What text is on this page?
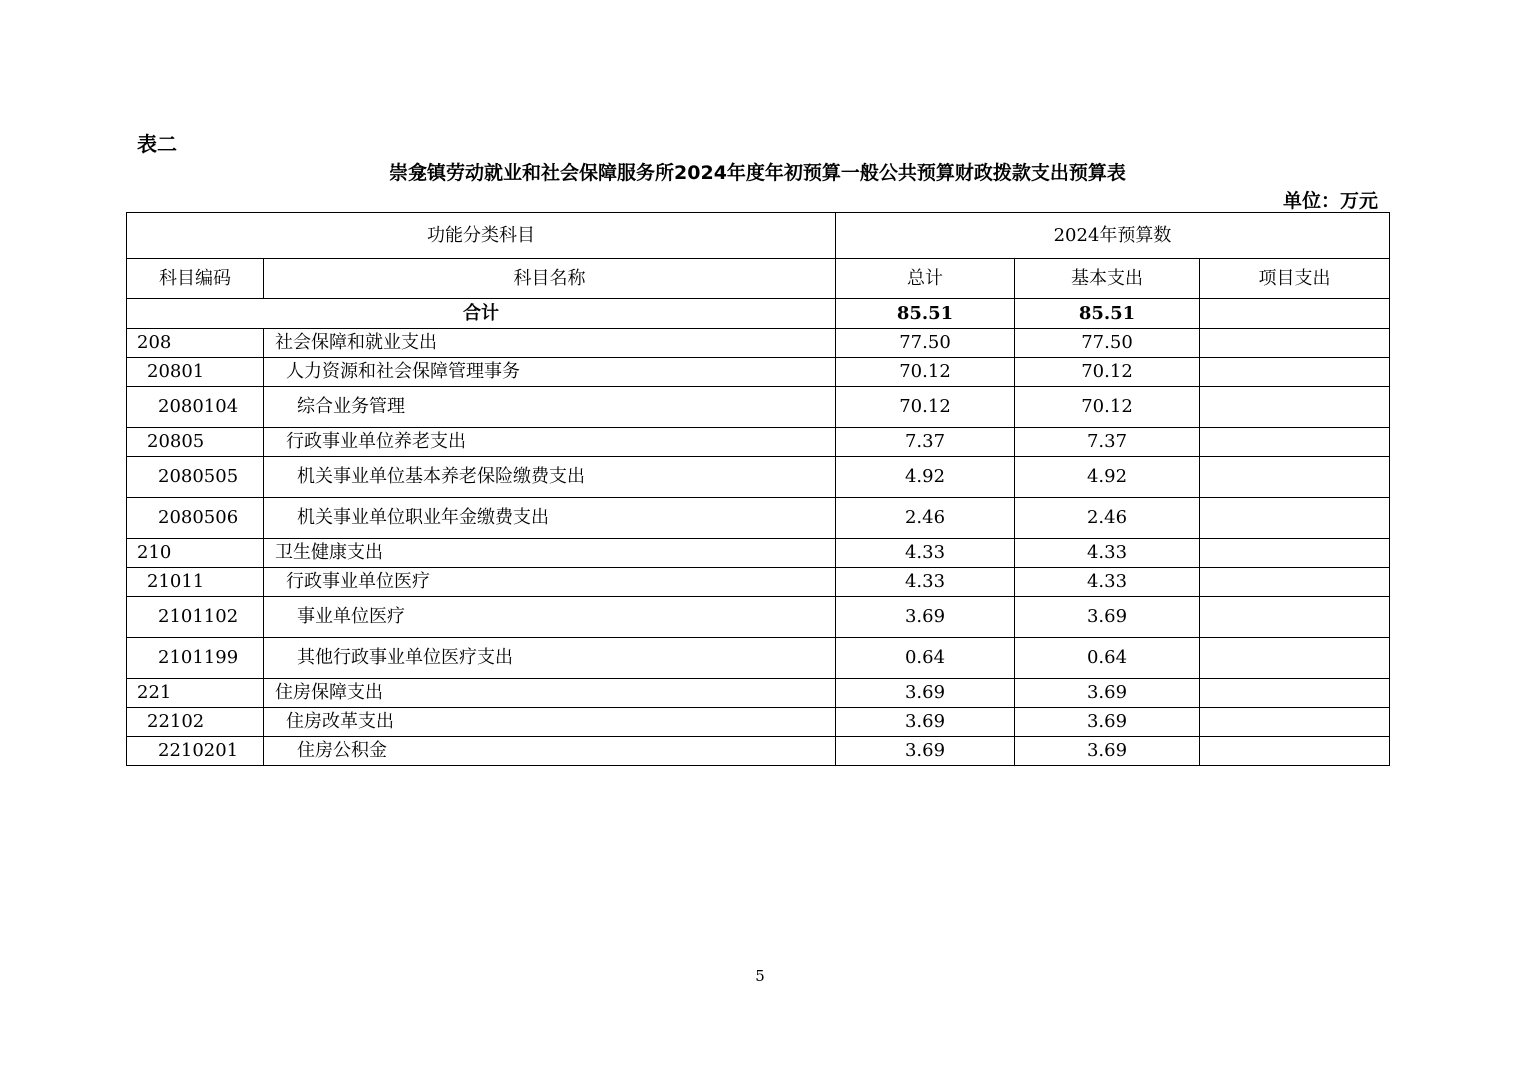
表二
崇龛镇劳动就业和社会保障服务所2024年度年初预算一般公共预算财政拨款支出预算表
单位：万元
功能分类科目		2024年预算数		
科目编码	科目名称	总计	基本支出	项目支出
合计		85.51	85.51	
208	社会保障和就业支出	77.50	77.50	
20801	人力资源和社会保障管理事务	70.12	70.12	
2080104	综合业务管理	70.12	70.12	
20805	行政事业单位养老支出	7.37	7.37	
2080505	机关事业单位基本养老保险缴费支出	4.92	4.92	
2080506	机关事业单位职业年金缴费支出	2.46	2.46	
210	卫生健康支出	4.33	4.33	
21011	行政事业单位医疗	4.33	4.33	
2101102	事业单位医疗	3.69	3.69	
2101199	其他行政事业单位医疗支出	0.64	0.64	
221	住房保障支出	3.69	3.69	
22102	住房改革支出	3.69	3.69	
2210201	住房公积金	3.69	3.69	
5
